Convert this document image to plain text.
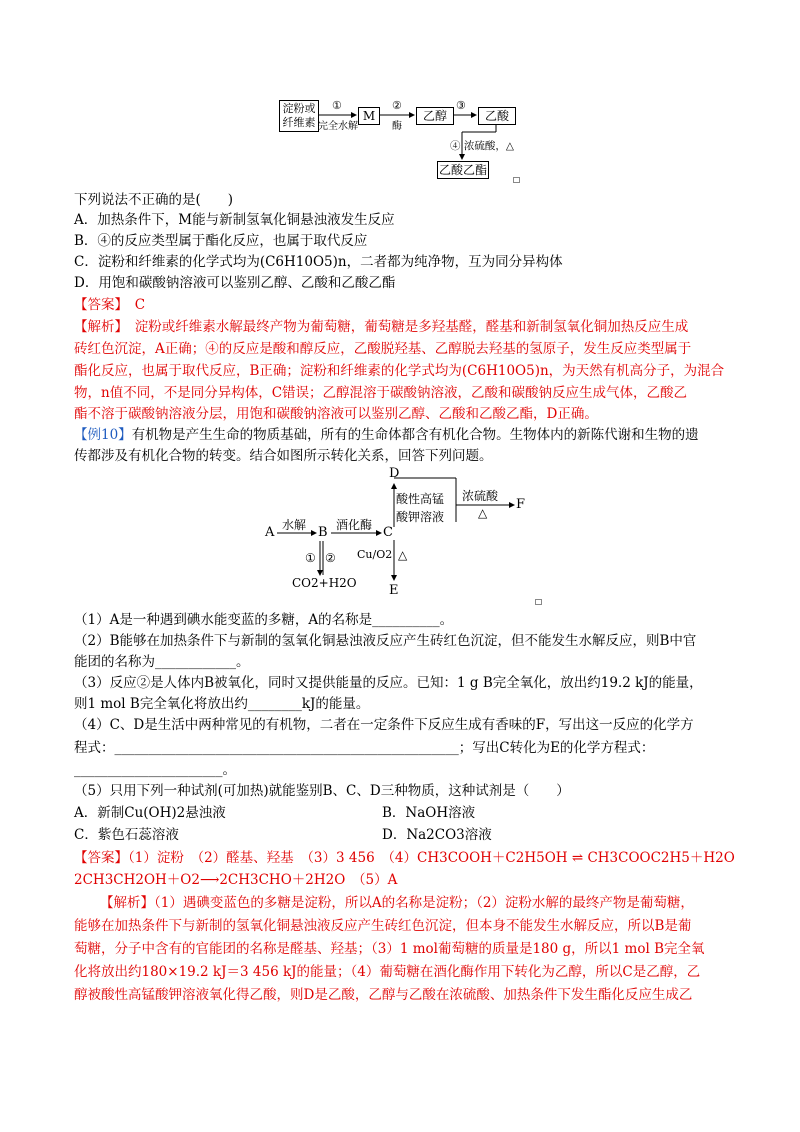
淀粉或纤维素	M	乙醇	乙酸
乙酸乙酯
①
完全水解
②
酶
③
④ 浓硫酸，△
下列说法不正确的是(　　)
A．加热条件下，M能与新制氢氧化铜悬浊液发生反应
B．④的反应类型属于酯化反应，也属于取代反应
C．淀粉和纤维素的化学式均为(C6H10O5)n，二者都为纯净物，互为同分异构体
D．用饱和碳酸钠溶液可以鉴别乙醇、乙酸和乙酸乙酯
【答案】　C
【解析】　淀粉或纤维素水解最终产物为葡萄糖，葡萄糖是多羟基醛，醛基和新制氢氧化铜加热反应生成
砖红色沉淀，A正确；④的反应是酸和醇反应，乙酸脱羟基、乙醇脱去羟基的氢原子，发生反应类型属于
酯化反应，也属于取代反应，B正确；淀粉和纤维素的化学式均为(C6H10O5)n，为天然有机高分子，为混合
物，n值不同，不是同分异构体，C错误；乙醇混溶于碳酸钠溶液，乙酸和碳酸钠反应生成气体，乙酸乙
酯不溶于碳酸钠溶液分层，用饱和碳酸钠溶液可以鉴别乙醇、乙酸和乙酸乙酯，D正确。
【例10】有机物是产生生命的物质基础，所有的生命体都含有机化合物。生物体内的新陈代谢和生物的遗
传都涉及有机化合物的转变。结合如图所示转化关系，回答下列问题。
A	B	C
D
E
F
水解 酒化酶
酸性高锰酸钾溶液
浓硫酸
△
Cu/O2 △
① ②
CO2+H2O
（1）A是一种遇到碘水能变蓝的多糖，A的名称是__________。
（2）B能够在加热条件下与新制的氢氧化铜悬浊液反应产生砖红色沉淀，但不能发生水解反应，则B中官
能团的名称为____________。
（3）反应②是人体内B被氧化，同时又提供能量的反应。已知：1 g B完全氧化，放出约19.2 kJ的能量，
则1 mol B完全氧化将放出约________kJ的能量。
（4）C、D是生活中两种常见的有机物，二者在一定条件下反应生成有香味的F，写出这一反应的化学方
程式：___________________________________________________；写出C转化为E的化学方程式：
______________________。
（5）只用下列一种试剂(可加热)就能鉴别B、C、D三种物质，这种试剂是（　　）
A．新制Cu(OH)2悬浊液	B．NaOH溶液
C．紫色石蕊溶液	D．Na2CO3溶液
【答案】（1）淀粉　（2）醛基、羟基　（3）3 456　（4）CH3COOH＋C2H5OH ⇌ CH3COOC2H5＋H2O
2CH3CH2OH＋O2⟶2CH3CHO＋2H2O　（5）A
【解析】（1）遇碘变蓝色的多糖是淀粉，所以A的名称是淀粉；（2）淀粉水解的最终产物是葡萄糖，
能够在加热条件下与新制的氢氧化铜悬浊液反应产生砖红色沉淀，但本身不能发生水解反应，所以B是葡
萄糖，分子中含有的官能团的名称是醛基、羟基；（3）1 mol葡萄糖的质量是180 g，所以1 mol B完全氧
化将放出约180×19.2 kJ＝3 456 kJ的能量；（4）葡萄糖在酒化酶作用下转化为乙醇，所以C是乙醇，乙
醇被酸性高锰酸钾溶液氧化得乙酸，则D是乙酸，乙醇与乙酸在浓硫酸、加热条件下发生酯化反应生成乙
